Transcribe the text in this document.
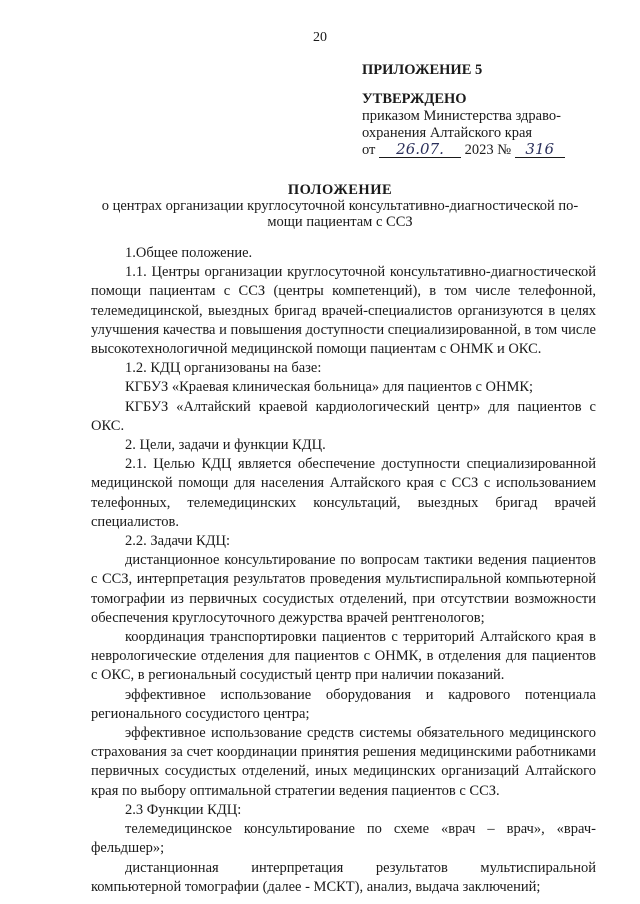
20
ПРИЛОЖЕНИЕ 5
УТВЕРЖДЕНО
приказом Министерства здраво-
охранения Алтайского края
от 26.07. 2023 № 316
ПОЛОЖЕНИЕ
о центрах организации круглосуточной консультативно-диагностической по-
мощи пациентам с ССЗ

1.Общее положение.

1.1. Центры организации круглосуточной консультативно-диагностической помощи пациентам с ССЗ (центры компетенций), в том числе телефонной, телемедицинской, выездных бригад врачей-специалистов организуются в целях улучшения качества и повышения доступности специализированной, в том числе высокотехнологичной медицинской помощи пациентам с ОНМК и ОКС.

1.2. КДЦ организованы на базе:

КГБУЗ «Краевая клиническая больница» для пациентов с ОНМК;

КГБУЗ «Алтайский краевой кардиологический центр» для пациентов с ОКС.

2. Цели, задачи и функции КДЦ.

2.1. Целью КДЦ является обеспечение доступности специализированной медицинской помощи для населения Алтайского края с ССЗ с использованием телефонных, телемедицинских консультаций, выездных бригад врачей специалистов.

2.2. Задачи КДЦ:

дистанционное консультирование по вопросам тактики ведения пациентов с ССЗ, интерпретация результатов проведения мультиспиральной компьютерной томографии из первичных сосудистых отделений, при отсутствии возможности обеспечения круглосуточного дежурства врачей рентгенологов;

координация транспортировки пациентов с территорий Алтайского края в неврологические отделения для пациентов с ОНМК, в отделения для пациентов с ОКС, в региональный сосудистый центр при наличии показаний.

эффективное использование оборудования и кадрового потенциала регионального сосудистого центра;

эффективное использование средств системы обязательного медицинского страхования за счет координации принятия решения медицинскими работниками первичных сосудистых отделений, иных медицинских организаций Алтайского края по выбору оптимальной стратегии ведения пациентов с ССЗ.

2.3 Функции КДЦ:

телемедицинское консультирование по схеме «врач – врач», «врач-фельдшер»;

дистанционная интерпретация результатов мультиспиральной компьютерной томографии (далее - МСКТ), анализ, выдача заключений;
